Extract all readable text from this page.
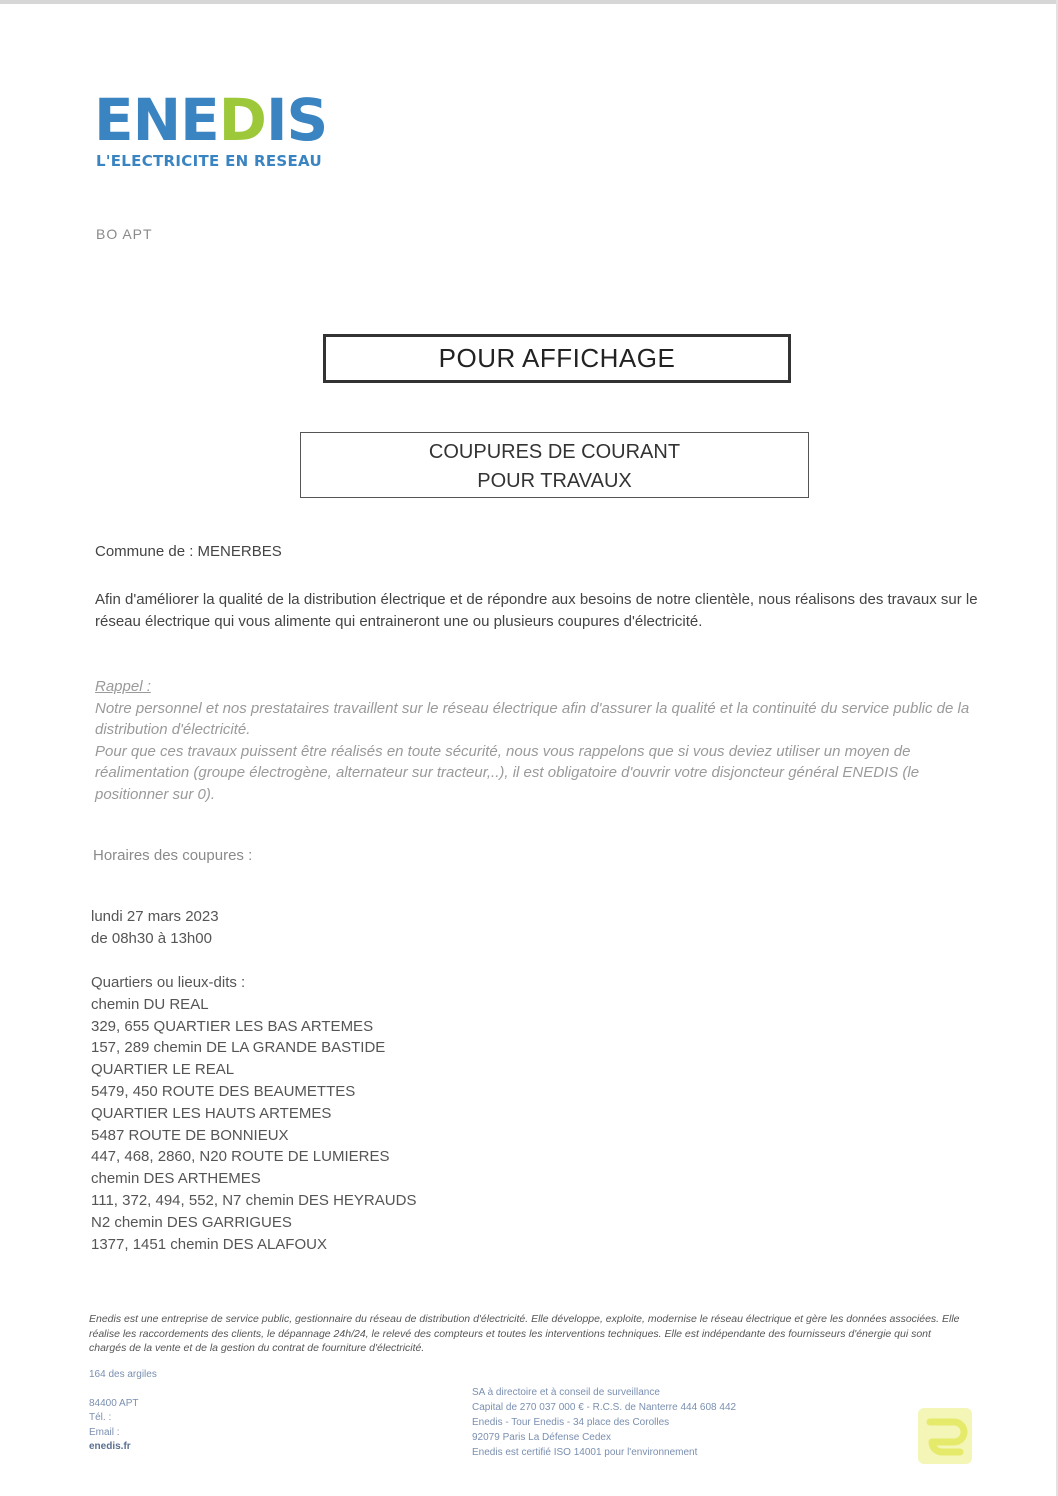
ENEDIS
L'ELECTRICITE EN RESEAU
BO APT
POUR AFFICHAGE
COUPURES DE COURANT
POUR TRAVAUX
Commune de : MENERBES
Afin d'améliorer la qualité de la distribution électrique et de répondre aux besoins de notre clientèle, nous réalisons des travaux sur le réseau électrique qui vous alimente qui entraineront une ou plusieurs coupures d'électricité.
Rappel :
Notre personnel et nos prestataires travaillent sur le réseau électrique afin d'assurer la qualité et la continuité du service public de la distribution d'électricité.
Pour que ces travaux puissent être réalisés en toute sécurité, nous vous rappelons que si vous deviez utiliser un moyen de réalimentation (groupe électrogène, alternateur sur tracteur,..), il est obligatoire d'ouvrir votre disjoncteur général ENEDIS (le positionner sur 0).
Horaires des coupures :
lundi 27 mars 2023
de 08h30 à 13h00
Quartiers ou lieux-dits :
chemin DU REAL
329, 655 QUARTIER LES BAS ARTEMES
157, 289 chemin DE LA GRANDE BASTIDE
QUARTIER LE REAL
5479, 450 ROUTE DES BEAUMETTES
QUARTIER LES HAUTS ARTEMES
5487 ROUTE DE BONNIEUX
447, 468, 2860, N20 ROUTE DE LUMIERES
chemin DES ARTHEMES
111, 372, 494, 552, N7 chemin DES HEYRAUDS
N2 chemin DES GARRIGUES
1377, 1451 chemin DES ALAFOUX
Enedis est une entreprise de service public, gestionnaire du réseau de distribution d'électricité. Elle développe, exploite, modernise le réseau électrique et gère les données associées. Elle réalise les raccordements des clients, le dépannage 24h/24, le relevé des compteurs et toutes les interventions techniques. Elle est indépendante des fournisseurs d'énergie qui sont chargés de la vente et de la gestion du contrat de fourniture d'électricité.
164 des argiles
84400 APT
Tél. :
Email :
enedis.fr
SA à directoire et à conseil de surveillance
Capital de 270 037 000 € - R.C.S. de Nanterre 444 608 442
Enedis - Tour Enedis - 34 place des Corolles
92079 Paris La Défense Cedex
Enedis est certifié ISO 14001 pour l'environnement
